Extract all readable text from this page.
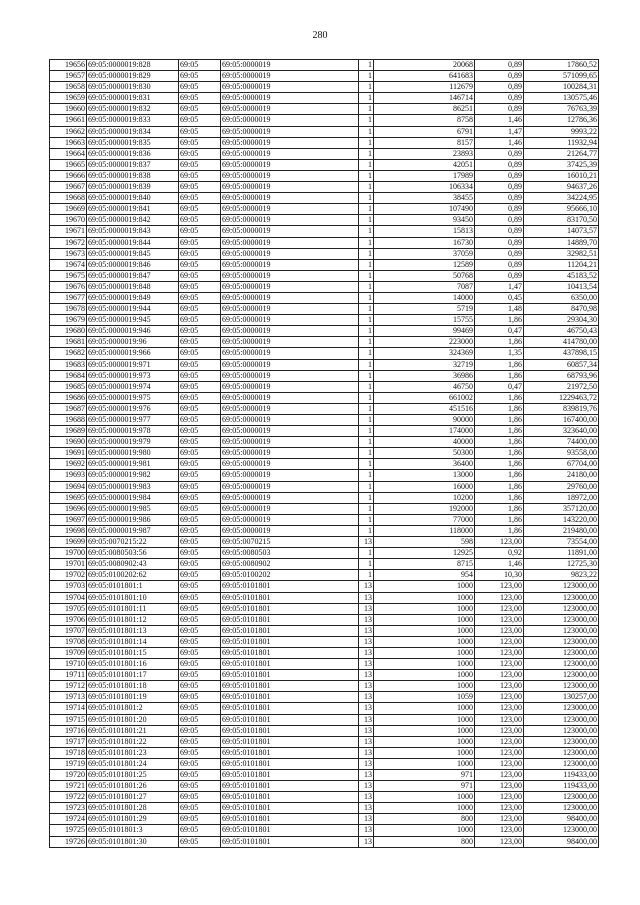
280
19656	69:05:0000019:828	69:05	69:05:0000019	1	20068	0,89	17860,52
19657	69:05:0000019:829	69:05	69:05:0000019	1	641683	0,89	571099,65
19658	69:05:0000019:830	69:05	69:05:0000019	1	112679	0,89	100284,31
19659	69:05:0000019:831	69:05	69:05:0000019	1	146714	0,89	130575,46
19660	69:05:0000019:832	69:05	69:05:0000019	1	86251	0,89	76763,39
19661	69:05:0000019:833	69:05	69:05:0000019	1	8758	1,46	12786,36
19662	69:05:0000019:834	69:05	69:05:0000019	1	6791	1,47	9993,22
19663	69:05:0000019:835	69:05	69:05:0000019	1	8157	1,46	11932,94
19664	69:05:0000019:836	69:05	69:05:0000019	1	23893	0,89	21264,77
19665	69:05:0000019:837	69:05	69:05:0000019	1	42051	0,89	37425,39
19666	69:05:0000019:838	69:05	69:05:0000019	1	17989	0,89	16010,21
19667	69:05:0000019:839	69:05	69:05:0000019	1	106334	0,89	94637,26
19668	69:05:0000019:840	69:05	69:05:0000019	1	38455	0,89	34224,95
19669	69:05:0000019:841	69:05	69:05:0000019	1	107490	0,89	95666,10
19670	69:05:0000019:842	69:05	69:05:0000019	1	93450	0,89	83170,50
19671	69:05:0000019:843	69:05	69:05:0000019	1	15813	0,89	14073,57
19672	69:05:0000019:844	69:05	69:05:0000019	1	16730	0,89	14889,70
19673	69:05:0000019:845	69:05	69:05:0000019	1	37059	0,89	32982,51
19674	69:05:0000019:846	69:05	69:05:0000019	1	12589	0,89	11204,21
19675	69:05:0000019:847	69:05	69:05:0000019	1	50768	0,89	45183,52
19676	69:05:0000019:848	69:05	69:05:0000019	1	7087	1,47	10413,54
19677	69:05:0000019:849	69:05	69:05:0000019	1	14000	0,45	6350,00
19678	69:05:0000019:944	69:05	69:05:0000019	1	5719	1,48	8470,98
19679	69:05:0000019:945	69:05	69:05:0000019	1	15755	1,86	29304,30
19680	69:05:0000019:946	69:05	69:05:0000019	1	99469	0,47	46750,43
19681	69:05:0000019:96	69:05	69:05:0000019	1	223000	1,86	414780,00
19682	69:05:0000019:966	69:05	69:05:0000019	1	324369	1,35	437898,15
19683	69:05:0000019:971	69:05	69:05:0000019	1	32719	1,86	60857,34
19684	69:05:0000019:973	69:05	69:05:0000019	1	36986	1,86	68793,96
19685	69:05:0000019:974	69:05	69:05:0000019	1	46750	0,47	21972,50
19686	69:05:0000019:975	69:05	69:05:0000019	1	661002	1,86	1229463,72
19687	69:05:0000019:976	69:05	69:05:0000019	1	451516	1,86	839819,76
19688	69:05:0000019:977	69:05	69:05:0000019	1	90000	1,86	167400,00
19689	69:05:0000019:978	69:05	69:05:0000019	1	174000	1,86	323640,00
19690	69:05:0000019:979	69:05	69:05:0000019	1	40000	1,86	74400,00
19691	69:05:0000019:980	69:05	69:05:0000019	1	50300	1,86	93558,00
19692	69:05:0000019:981	69:05	69:05:0000019	1	36400	1,86	67704,00
19693	69:05:0000019:982	69:05	69:05:0000019	1	13000	1,86	24180,00
19694	69:05:0000019:983	69:05	69:05:0000019	1	16000	1,86	29760,00
19695	69:05:0000019:984	69:05	69:05:0000019	1	10200	1,86	18972,00
19696	69:05:0000019:985	69:05	69:05:0000019	1	192000	1,86	357120,00
19697	69:05:0000019:986	69:05	69:05:0000019	1	77000	1,86	143220,00
19698	69:05:0000019:987	69:05	69:05:0000019	1	118000	1,86	219480,00
19699	69:05:0070215:22	69:05	69:05:0070215	13	598	123,00	73554,00
19700	69:05:0080503:56	69:05	69:05:0080503	1	12925	0,92	11891,00
19701	69:05:0080902:43	69:05	69:05:0080902	1	8715	1,46	12725,30
19702	69:05:0100202:62	69:05	69:05:0100202	1	954	10,30	9823,22
19703	69:05:0101801:1	69:05	69:05:0101801	13	1000	123,00	123000,00
19704	69:05:0101801:10	69:05	69:05:0101801	13	1000	123,00	123000,00
19705	69:05:0101801:11	69:05	69:05:0101801	13	1000	123,00	123000,00
19706	69:05:0101801:12	69:05	69:05:0101801	13	1000	123,00	123000,00
19707	69:05:0101801:13	69:05	69:05:0101801	13	1000	123,00	123000,00
19708	69:05:0101801:14	69:05	69:05:0101801	13	1000	123,00	123000,00
19709	69:05:0101801:15	69:05	69:05:0101801	13	1000	123,00	123000,00
19710	69:05:0101801:16	69:05	69:05:0101801	13	1000	123,00	123000,00
19711	69:05:0101801:17	69:05	69:05:0101801	13	1000	123,00	123000,00
19712	69:05:0101801:18	69:05	69:05:0101801	13	1000	123,00	123000,00
19713	69:05:0101801:19	69:05	69:05:0101801	13	1059	123,00	130257,00
19714	69:05:0101801:2	69:05	69:05:0101801	13	1000	123,00	123000,00
19715	69:05:0101801:20	69:05	69:05:0101801	13	1000	123,00	123000,00
19716	69:05:0101801:21	69:05	69:05:0101801	13	1000	123,00	123000,00
19717	69:05:0101801:22	69:05	69:05:0101801	13	1000	123,00	123000,00
19718	69:05:0101801:23	69:05	69:05:0101801	13	1000	123,00	123000,00
19719	69:05:0101801:24	69:05	69:05:0101801	13	1000	123,00	123000,00
19720	69:05:0101801:25	69:05	69:05:0101801	13	971	123,00	119433,00
19721	69:05:0101801:26	69:05	69:05:0101801	13	971	123,00	119433,00
19722	69:05:0101801:27	69:05	69:05:0101801	13	1000	123,00	123000,00
19723	69:05:0101801:28	69:05	69:05:0101801	13	1000	123,00	123000,00
19724	69:05:0101801:29	69:05	69:05:0101801	13	800	123,00	98400,00
19725	69:05:0101801:3	69:05	69:05:0101801	13	1000	123,00	123000,00
19726	69:05:0101801:30	69:05	69:05:0101801	13	800	123,00	98400,00
